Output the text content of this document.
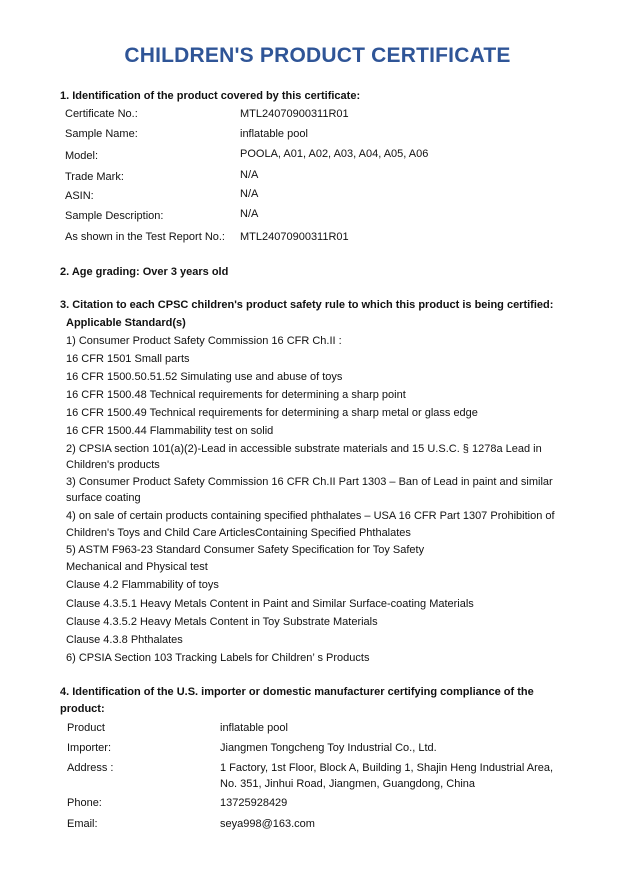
CHILDREN'S PRODUCT CERTIFICATE
1. Identification of the product covered by this certificate:
Certificate No.:	MTL24070900311R01
Sample Name:	inflatable pool
Model:	POOLA, A01, A02, A03, A04, A05, A06
Trade Mark:	N/A
ASIN:	N/A
Sample Description:	N/A
As shown in the Test Report No.: MTL24070900311R01
2. Age grading: Over 3 years old
3. Citation to each CPSC children's product safety rule to which this product is being certified:
Applicable Standard(s)
1) Consumer Product Safety Commission 16 CFR Ch.II :
16 CFR 1501 Small parts
16 CFR 1500.50.51.52 Simulating use and abuse of toys
16 CFR 1500.48 Technical requirements for determining a sharp point
16 CFR 1500.49 Technical requirements for determining a sharp metal or glass edge
16 CFR 1500.44 Flammability test on solid
2) CPSIA section 101(a)(2)-Lead in accessible substrate materials and 15 U.S.C. § 1278a Lead in
Children's products
3) Consumer Product Safety Commission 16 CFR Ch.II Part 1303 – Ban of Lead in paint and similar
surface coating
4) on sale of certain products containing specified phthalates – USA 16 CFR Part 1307 Prohibition of
Children's Toys and Child Care ArticlesContaining Specified Phthalates
5) ASTM F963-23 Standard Consumer Safety Specification for Toy Safety
Mechanical and Physical test
Clause 4.2 Flammability of toys
Clause 4.3.5.1 Heavy Metals Content in Paint and Similar Surface-coating Materials
Clause 4.3.5.2 Heavy Metals Content in Toy Substrate Materials
Clause 4.3.8 Phthalates
6) CPSIA Section 103 Tracking Labels for Children’ s Products
4. Identification of the U.S. importer or domestic manufacturer certifying compliance of the
product:
Product	inflatable pool
Importer:	Jiangmen Tongcheng Toy Industrial Co., Ltd.
Address :	1 Factory, 1st Floor, Block A, Building 1, Shajin Heng Industrial Area,
No. 351, Jinhui Road, Jiangmen, Guangdong, China
Phone:	13725928429
Email:	seya998@163.com
